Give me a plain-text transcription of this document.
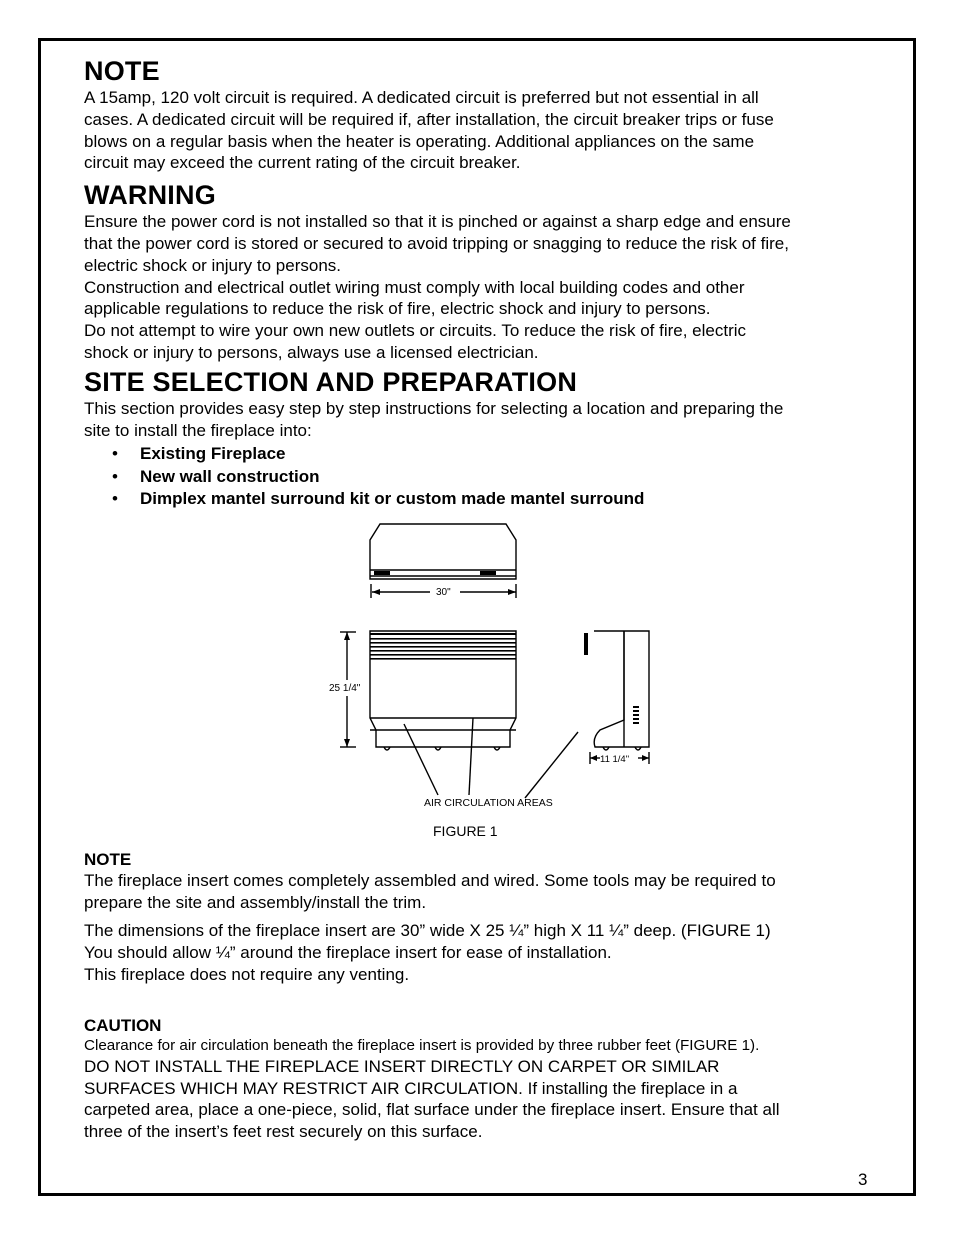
NOTE

A 15amp, 120 volt circuit is required. A dedicated circuit is preferred but not essential in all

cases. A dedicated circuit will be required if, after installation, the circuit breaker trips or fuse

blows on a regular basis when the heater is operating. Additional appliances on the same

circuit may exceed the current rating of the circuit breaker.

WARNING

Ensure the power cord is not installed so that it is pinched or against a sharp edge and ensure

that the power cord is stored or secured to avoid tripping or snagging to reduce the risk of fire,

electric shock or injury to persons.

Construction and electrical outlet wiring must comply with local building codes and other

applicable regulations to reduce the risk of fire, electric shock and injury to persons.

Do not attempt to wire your own new outlets or circuits. To reduce the risk of fire, electric

shock or injury to persons, always use a licensed electrician.

SITE SELECTION AND PREPARATION

This section provides easy step by step instructions for selecting a location and preparing the

site to install the fireplace into:

• Existing Fireplace
• New wall construction
• Dimplex mantel surround kit or custom made mantel surround

NOTE

The fireplace insert comes completely assembled and wired. Some tools may be required to

prepare the site and assembly/install the trim.

The dimensions of the fireplace insert are 30” wide X 25 ¼” high X 11 ¼” deep. (FIGURE 1)

You should allow ¼” around the fireplace insert for ease of installation.

This fireplace does not require any venting.

CAUTION

Clearance for air circulation beneath the fireplace insert is provided by three rubber feet (FIGURE 1).

DO NOT INSTALL THE FIREPLACE INSERT DIRECTLY ON CARPET OR SIMILAR

SURFACES WHICH MAY RESTRICT AIR CIRCULATION. If installing the fireplace in a

carpeted area, place a one-piece, solid, flat surface under the fireplace insert. Ensure that all

three of the insert’s feet rest securely on this surface.

30"
25 1/4"
11 1/4"
AIR CIRCULATION AREAS
FIGURE 1
3
